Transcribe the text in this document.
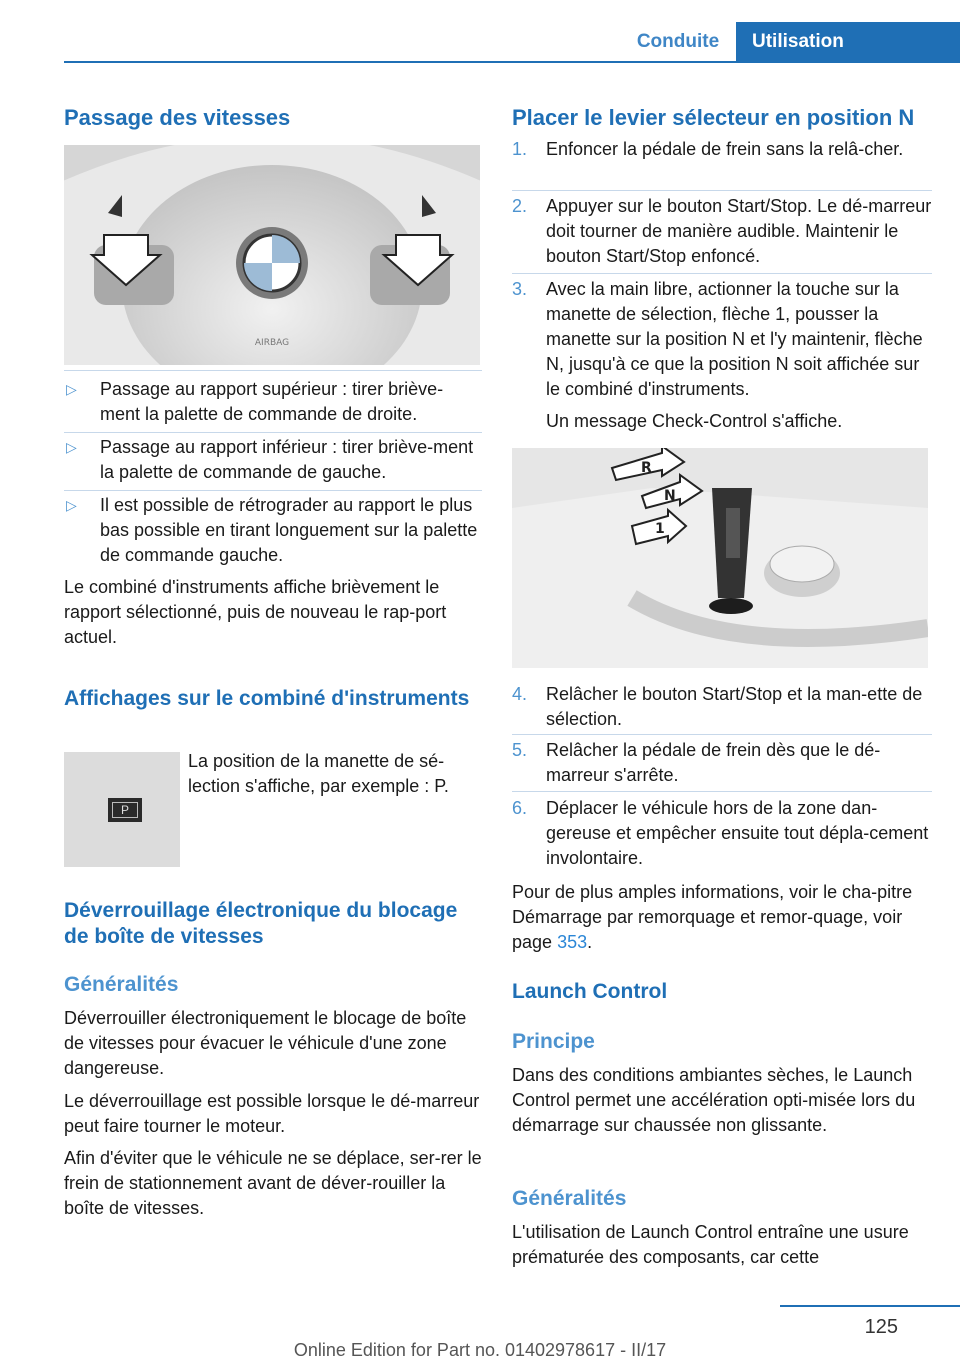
Conduite	Utilisation
Passage des vitesses
AIRBAG
▷ Passage au rapport supérieur : tirer briève-ment la palette de commande de droite.
▷ Passage au rapport inférieur : tirer briève-ment la palette de commande de gauche.
▷ Il est possible de rétrograder au rapport le plus bas possible en tirant longuement sur la palette de commande gauche.

Le combiné d'instruments affiche brièvement le rapport sélectionné, puis de nouveau le rap-port actuel.

Affichages sur le combiné d'instruments
P

La position de la manette de sé-lection s'affiche, par exemple : P.

Déverrouillage électronique du blocage de boîte de vitesses
Généralités

Déverrouiller électroniquement le blocage de boîte de vitesses pour évacuer le véhicule d'une zone dangereuse.

Le déverrouillage est possible lorsque le dé-marreur peut faire tourner le moteur.

Afin d'éviter que le véhicule ne se déplace, ser-rer le frein de stationnement avant de déver-rouiller la boîte de vitesses.

Placer le levier sélecteur en position N
1. Enfoncer la pédale de frein sans la relâ-cher.
2. Appuyer sur le bouton Start/Stop. Le dé-marreur doit tourner de manière audible. Maintenir le bouton Start/Stop enfoncé.
3. Avec la main libre, actionner la touche sur la manette de sélection, flèche 1, pousser la manette sur la position N et l'y maintenir, flèche N, jusqu'à ce que la position N soit affichée sur le combiné d'instruments.

Un message Check-Control s'affiche.

R
N
1
4. Relâcher le bouton Start/Stop et la man-ette de sélection.
5. Relâcher la pédale de frein dès que le dé-marreur s'arrête.
6. Déplacer le véhicule hors de la zone dan-gereuse et empêcher ensuite tout dépla-cement involontaire.

Pour de plus amples informations, voir le cha-pitre Démarrage par remorquage et remor-quage, voir page 353.

Launch Control
Principe

Dans des conditions ambiantes sèches, le Launch Control permet une accélération opti-misée lors du démarrage sur chaussée non glissante.

Généralités

L'utilisation de Launch Control entraîne une usure prématurée des composants, car cette

125
Online Edition for Part no. 01402978617 - II/17
